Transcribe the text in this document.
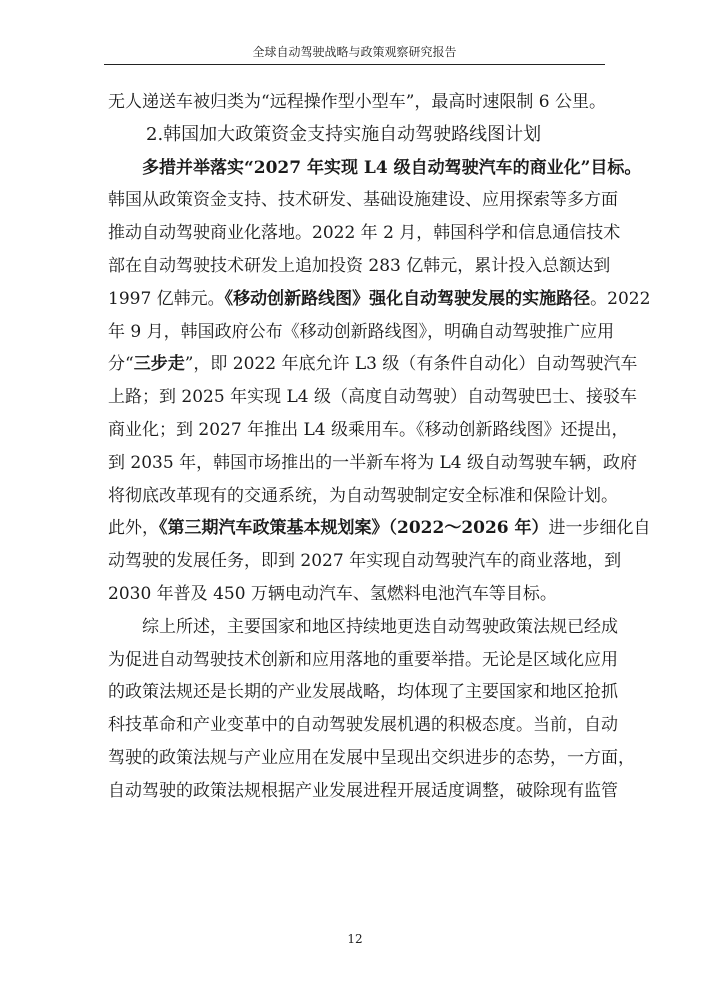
全球自动驾驶战略与政策观察研究报告
无人递送车被归类为“远程操作型小型车”，最高时速限制 6 公里。
2.韩国加大政策资金支持实施自动驾驶路线图计划
多措并举落实“2027 年实现 L4 级自动驾驶汽车的商业化”目标。
韩国从政策资金支持、技术研发、基础设施建设、应用探索等多方面
推动自动驾驶商业化落地。2022 年 2 月，韩国科学和信息通信技术
部在自动驾驶技术研发上追加投资 283 亿韩元，累计投入总额达到
1997 亿韩元。《移动创新路线图》强化自动驾驶发展的实施路径。2022
年 9 月，韩国政府公布《移动创新路线图》，明确自动驾驶推广应用
分“三步走”，即 2022 年底允许 L3 级（有条件自动化）自动驾驶汽车
上路；到 2025 年实现 L4 级（高度自动驾驶）自动驾驶巴士、接驳车
商业化；到 2027 年推出 L4 级乘用车。《移动创新路线图》还提出，
到 2035 年，韩国市场推出的一半新车将为 L4 级自动驾驶车辆，政府
将彻底改革现有的交通系统，为自动驾驶制定安全标准和保险计划。
此外，《第三期汽车政策基本规划案》（2022～2026 年）进一步细化自
动驾驶的发展任务，即到 2027 年实现自动驾驶汽车的商业落地，到
2030 年普及 450 万辆电动汽车、氢燃料电池汽车等目标。
综上所述，主要国家和地区持续地更迭自动驾驶政策法规已经成
为促进自动驾驶技术创新和应用落地的重要举措。无论是区域化应用
的政策法规还是长期的产业发展战略，均体现了主要国家和地区抢抓
科技革命和产业变革中的自动驾驶发展机遇的积极态度。当前，自动
驾驶的政策法规与产业应用在发展中呈现出交织进步的态势，一方面，
自动驾驶的政策法规根据产业发展进程开展适度调整，破除现有监管
12
